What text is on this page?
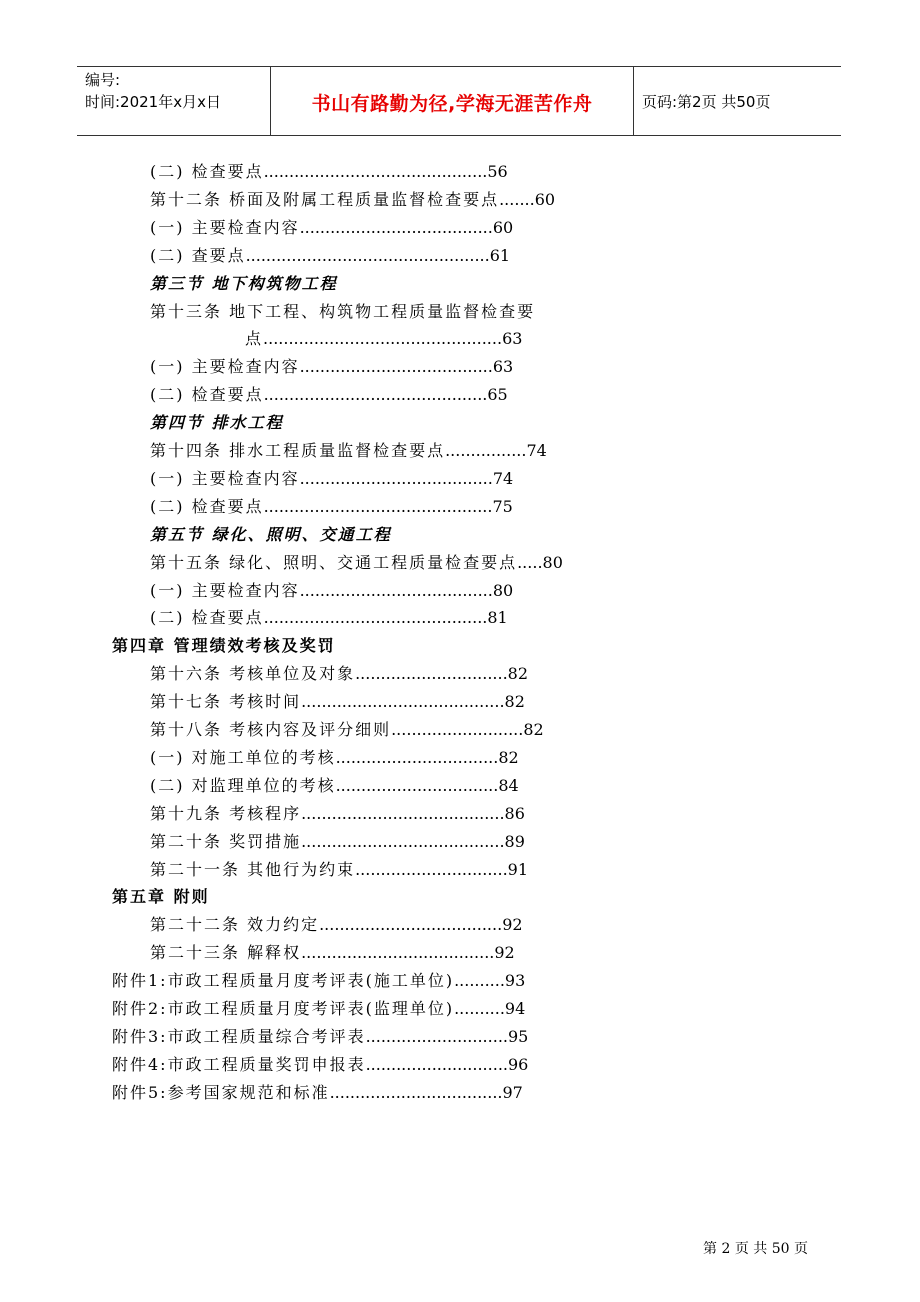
编号:
时间:2021年x月x日	书山有路勤为径,学海无涯苦作舟	页码:第2页 共50页
(二) 检查要点............................................56
第十二条 桥面及附属工程质量监督检查要点.......60
(一) 主要检查内容......................................60
(二) 查要点................................................61
第三节 地下构筑物工程
第十三条 地下工程、构筑物工程质量监督检查要
点...............................................63
(一) 主要检查内容......................................63
(二) 检查要点............................................65
第四节 排水工程
第十四条 排水工程质量监督检查要点................74
(一) 主要检查内容......................................74
(二) 检查要点.............................................75
第五节 绿化、照明、交通工程
第十五条 绿化、照明、交通工程质量检查要点.....80
(一) 主要检查内容......................................80
(二) 检查要点............................................81
第四章 管理绩效考核及奖罚
第十六条 考核单位及对象..............................82
第十七条 考核时间........................................82
第十八条 考核内容及评分细则..........................82
(一) 对施工单位的考核................................82
(二) 对监理单位的考核................................84
第十九条 考核程序........................................86
第二十条 奖罚措施........................................89
第二十一条 其他行为约束..............................91
第五章 附则
第二十二条 效力约定....................................92
第二十三条 解释权......................................92
附件1:市政工程质量月度考评表(施工单位)..........93
附件2:市政工程质量月度考评表(监理单位)..........94
附件3:市政工程质量综合考评表............................95
附件4:市政工程质量奖罚申报表............................96
附件5:参考国家规范和标准..................................97
第 2 页 共 50 页
